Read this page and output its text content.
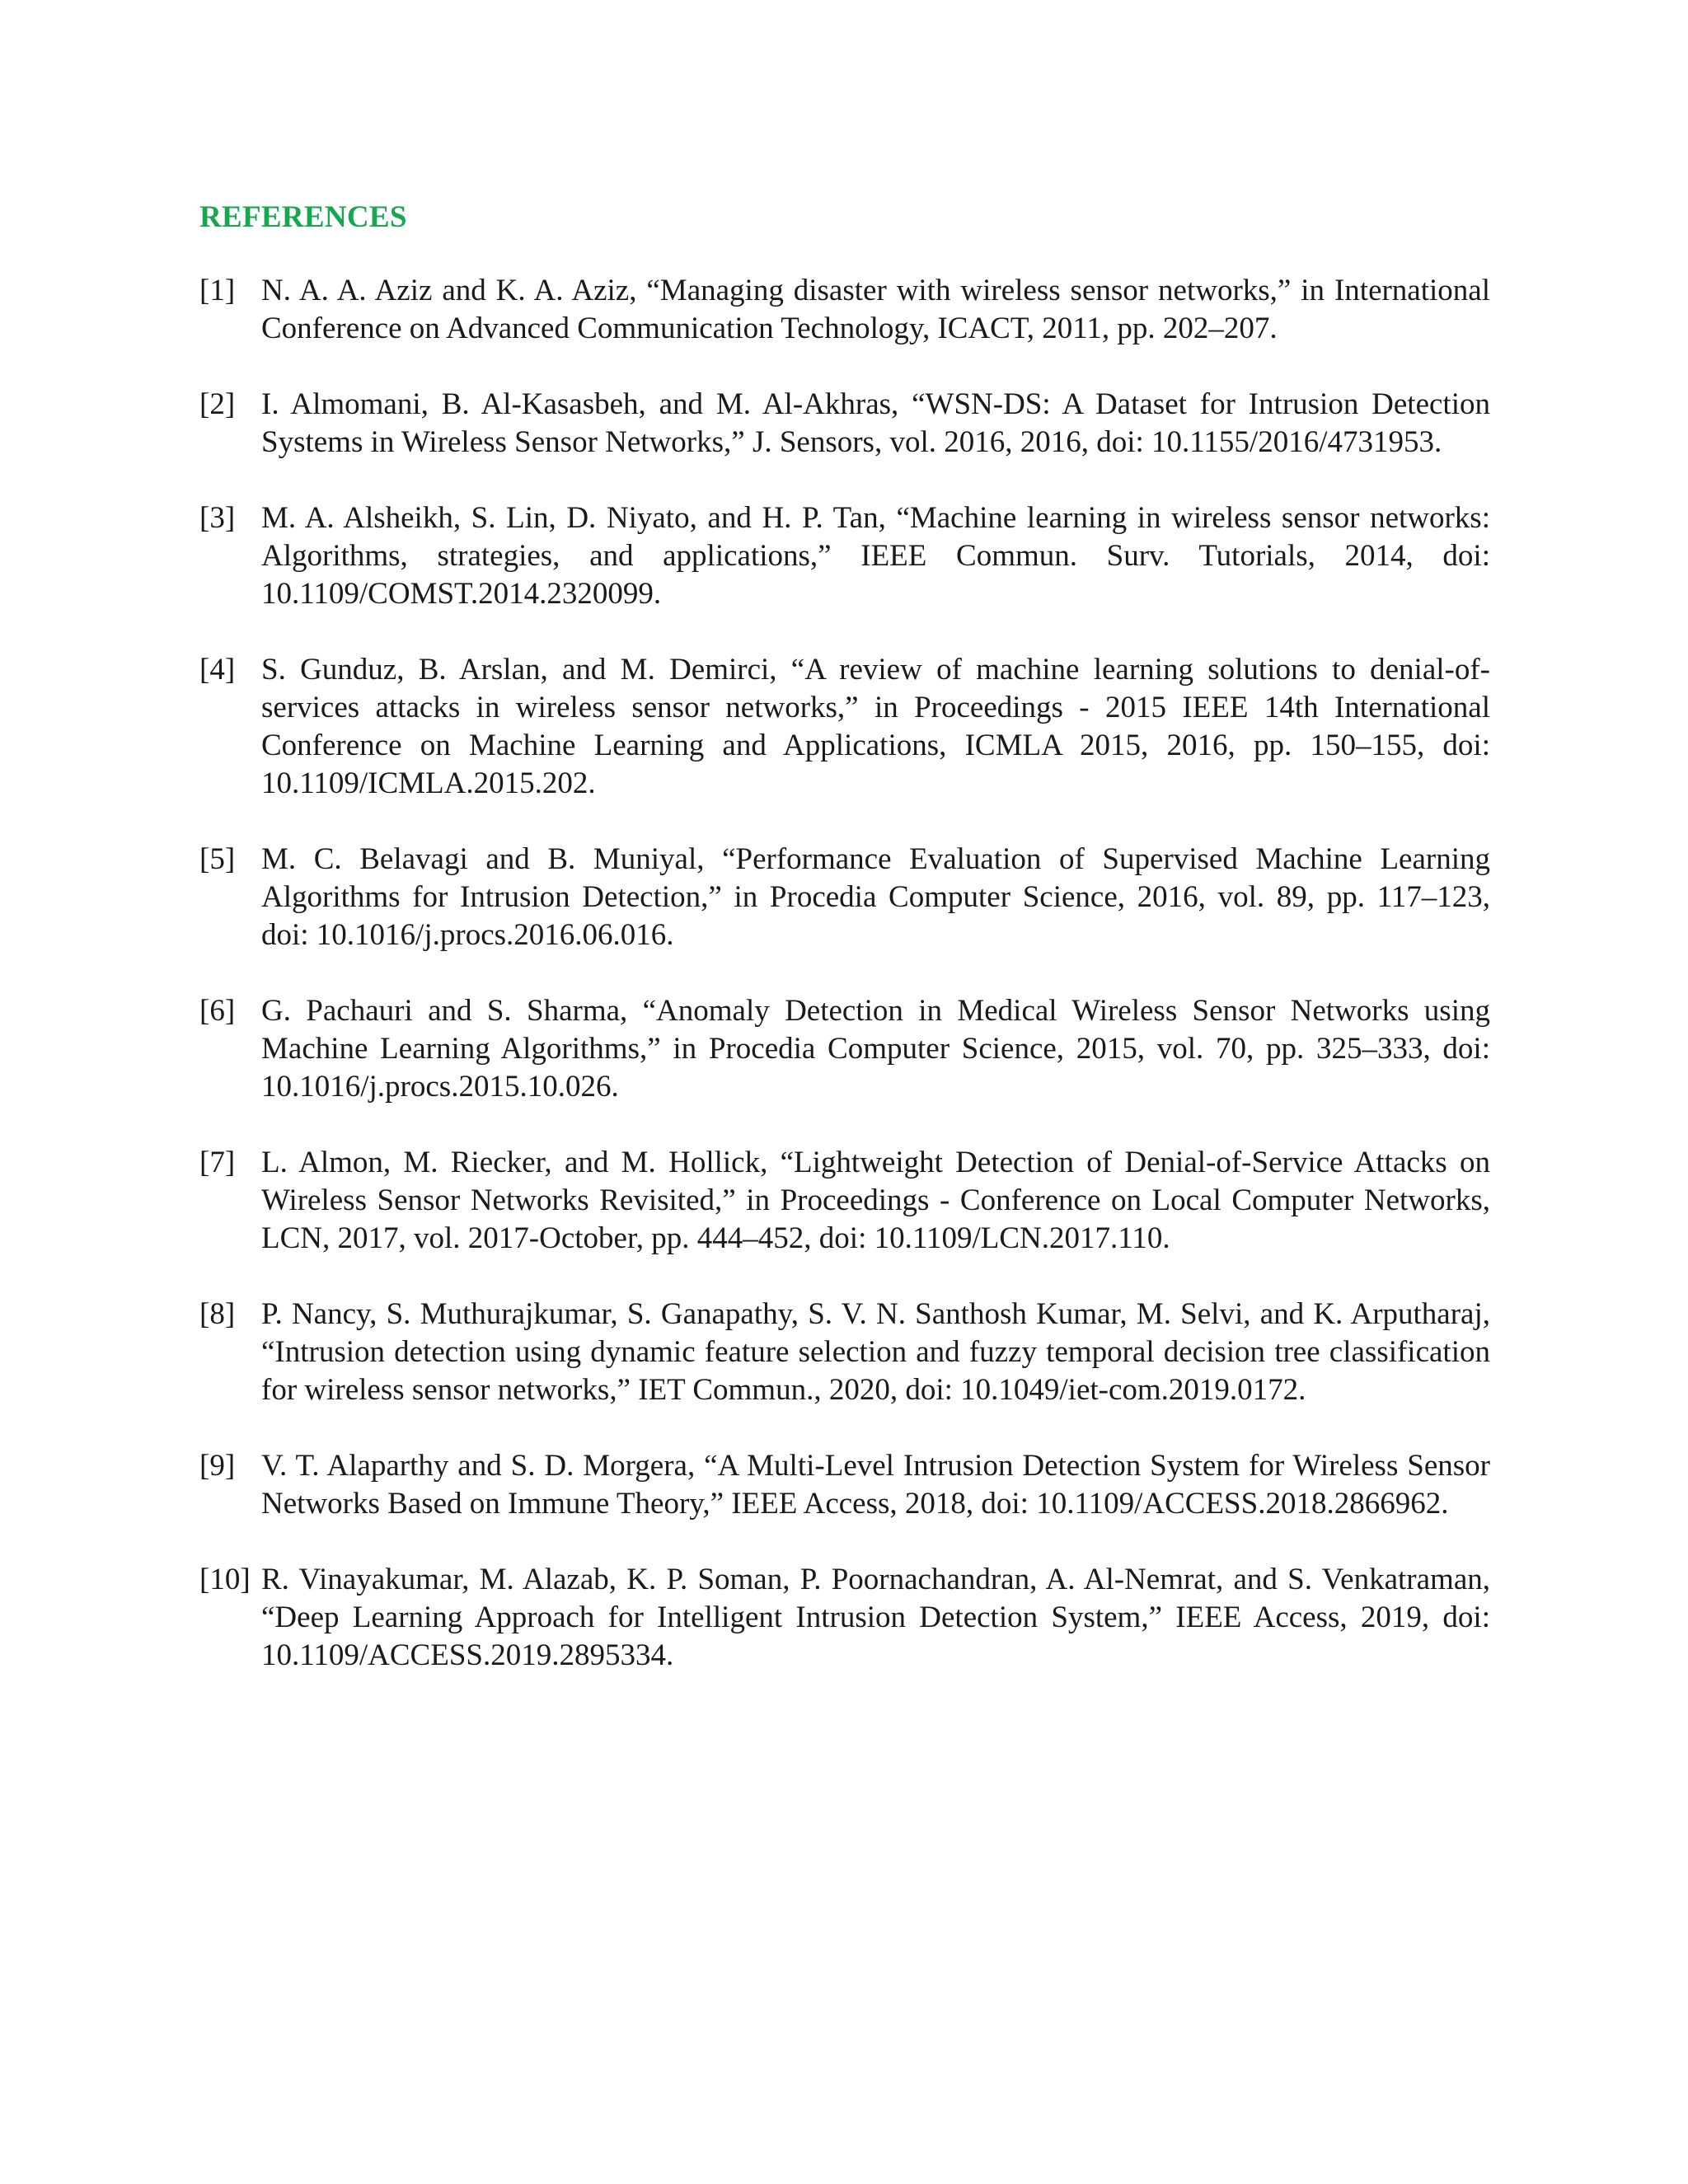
REFERENCES
[1] N. A. A. Aziz and K. A. Aziz, “Managing disaster with wireless sensor networks,” in International Conference on Advanced Communication Technology, ICACT, 2011, pp. 202–207.
[2] I. Almomani, B. Al-Kasasbeh, and M. Al-Akhras, “WSN-DS: A Dataset for Intrusion Detection Systems in Wireless Sensor Networks,” J. Sensors, vol. 2016, 2016, doi: 10.1155/2016/4731953.
[3] M. A. Alsheikh, S. Lin, D. Niyato, and H. P. Tan, “Machine learning in wireless sensor networks: Algorithms, strategies, and applications,” IEEE Commun. Surv. Tutorials, 2014, doi: 10.1109/COMST.2014.2320099.
[4] S. Gunduz, B. Arslan, and M. Demirci, “A review of machine learning solutions to denial-of-services attacks in wireless sensor networks,” in Proceedings - 2015 IEEE 14th International Conference on Machine Learning and Applications, ICMLA 2015, 2016, pp. 150–155, doi: 10.1109/ICMLA.2015.202.
[5] M. C. Belavagi and B. Muniyal, “Performance Evaluation of Supervised Machine Learning Algorithms for Intrusion Detection,” in Procedia Computer Science, 2016, vol. 89, pp. 117–123, doi: 10.1016/j.procs.2016.06.016.
[6] G. Pachauri and S. Sharma, “Anomaly Detection in Medical Wireless Sensor Networks using Machine Learning Algorithms,” in Procedia Computer Science, 2015, vol. 70, pp. 325–333, doi: 10.1016/j.procs.2015.10.026.
[7] L. Almon, M. Riecker, and M. Hollick, “Lightweight Detection of Denial-of-Service Attacks on Wireless Sensor Networks Revisited,” in Proceedings - Conference on Local Computer Networks, LCN, 2017, vol. 2017-October, pp. 444–452, doi: 10.1109/LCN.2017.110.
[8] P. Nancy, S. Muthurajkumar, S. Ganapathy, S. V. N. Santhosh Kumar, M. Selvi, and K. Arputharaj, “Intrusion detection using dynamic feature selection and fuzzy temporal decision tree classification for wireless sensor networks,” IET Commun., 2020, doi: 10.1049/iet-com.2019.0172.
[9] V. T. Alaparthy and S. D. Morgera, “A Multi-Level Intrusion Detection System for Wireless Sensor Networks Based on Immune Theory,” IEEE Access, 2018, doi: 10.1109/ACCESS.2018.2866962.
[10] R. Vinayakumar, M. Alazab, K. P. Soman, P. Poornachandran, A. Al-Nemrat, and S. Venkatraman, “Deep Learning Approach for Intelligent Intrusion Detection System,” IEEE Access, 2019, doi: 10.1109/ACCESS.2019.2895334.
